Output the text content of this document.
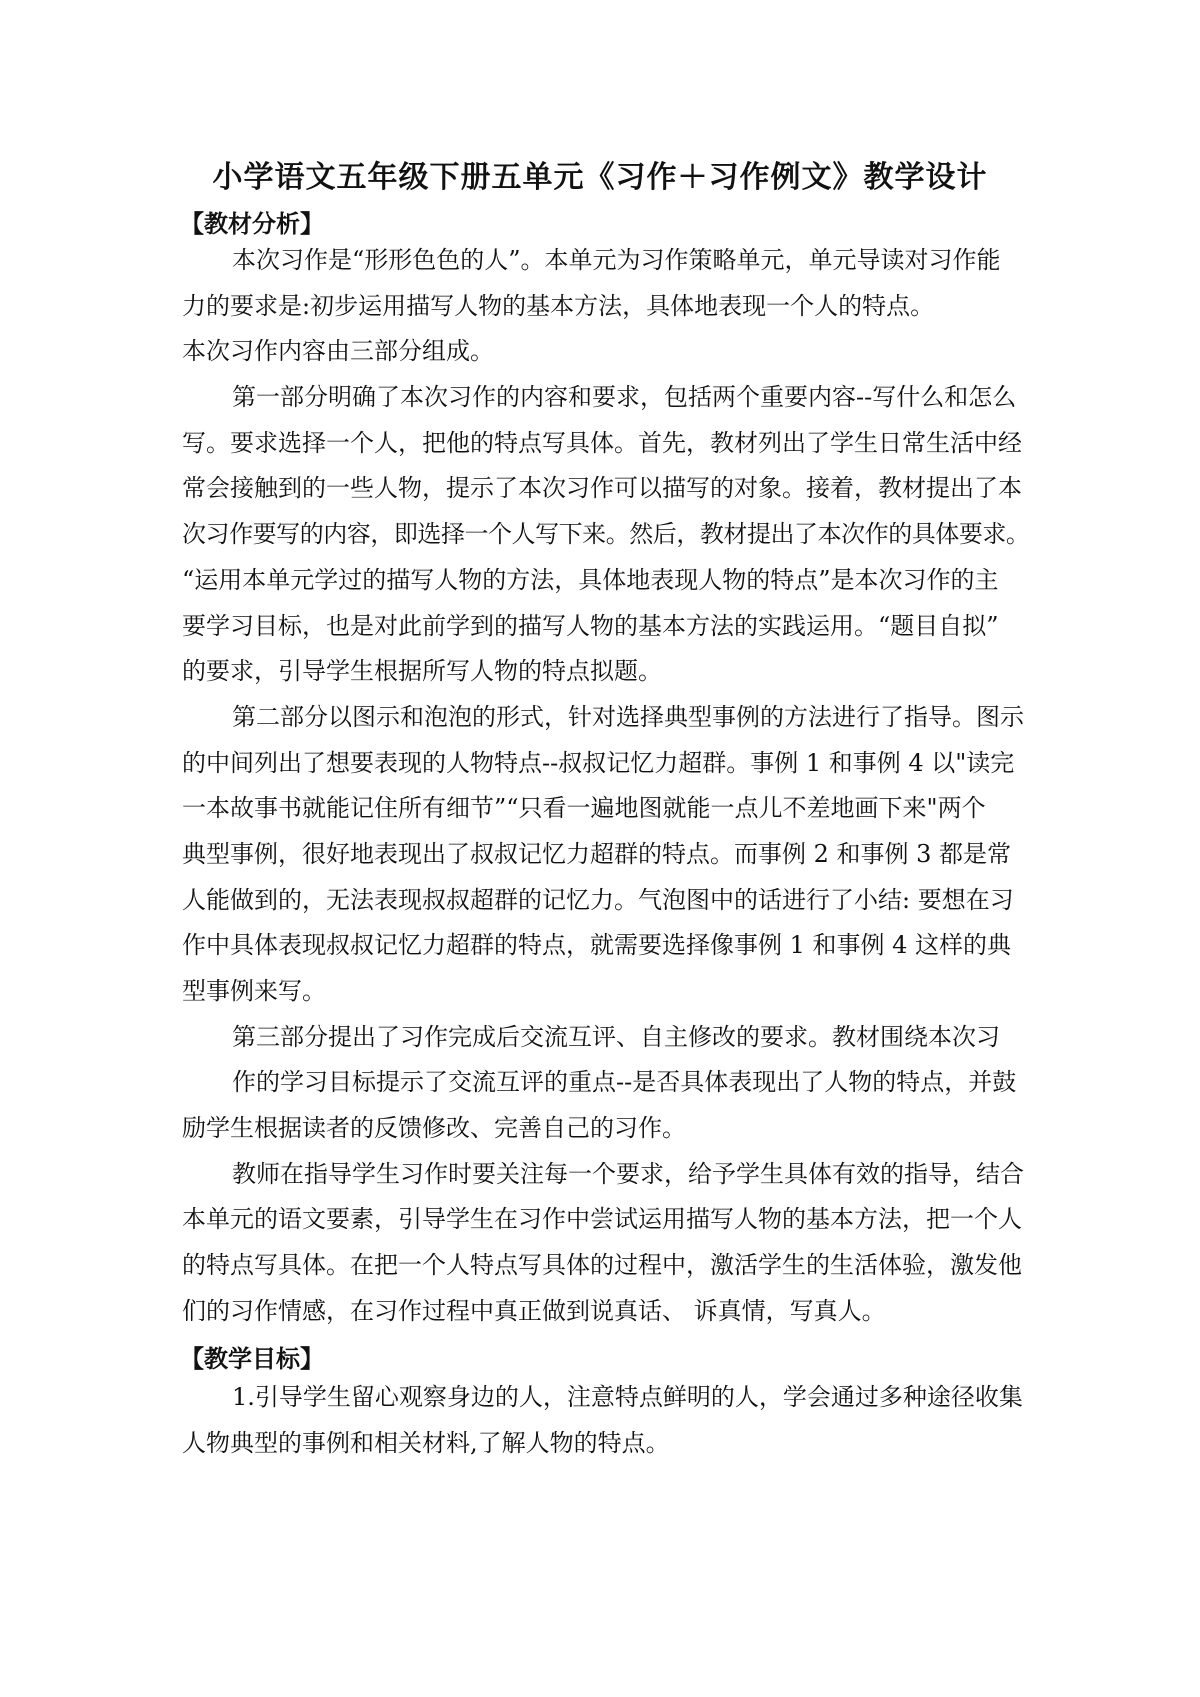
小学语文五年级下册五单元《习作＋习作例文》教学设计
【教材分析】
本次习作是“形形色色的人”。本单元为习作策略单元，单元导读对习作能
力的要求是:初步运用描写人物的基本方法，具体地表现一个人的特点。
本次习作内容由三部分组成。
第一部分明确了本次习作的内容和要求，包括两个重要内容--写什么和怎么
写。要求选择一个人，把他的特点写具体。首先，教材列出了学生日常生活中经
常会接触到的一些人物，提示了本次习作可以描写的对象。接着，教材提出了本
次习作要写的内容，即选择一个人写下来。然后，教材提出了本次作的具体要求。
“运用本单元学过的描写人物的方法，具体地表现人物的特点”是本次习作的主
要学习目标，也是对此前学到的描写人物的基本方法的实践运用。“题目自拟”
的要求，引导学生根据所写人物的特点拟题。
第二部分以图示和泡泡的形式，针对选择典型事例的方法进行了指导。图示
的中间列出了想要表现的人物特点--叔叔记忆力超群。事例 1 和事例 4 以"读完
一本故事书就能记住所有细节”“只看一遍地图就能一点儿不差地画下来"两个
典型事例，很好地表现出了叔叔记忆力超群的特点。而事例 2 和事例 3 都是常
人能做到的，无法表现叔叔超群的记忆力。气泡图中的话进行了小结: 要想在习
作中具体表现叔叔记忆力超群的特点，就需要选择像事例 1 和事例 4 这样的典
型事例来写。
第三部分提出了习作完成后交流互评、自主修改的要求。教材围绕本次习
作的学习目标提示了交流互评的重点--是否具体表现出了人物的特点，并鼓
励学生根据读者的反馈修改、完善自己的习作。
教师在指导学生习作时要关注每一个要求，给予学生具体有效的指导，结合
本单元的语文要素，引导学生在习作中尝试运用描写人物的基本方法，把一个人
的特点写具体。在把一个人特点写具体的过程中，激活学生的生活体验，激发他
们的习作情感，在习作过程中真正做到说真话、 诉真情，写真人。
【教学目标】
1.引导学生留心观察身边的人，注意特点鲜明的人，学会通过多种途径收集
人物典型的事例和相关材料,了解人物的特点。
